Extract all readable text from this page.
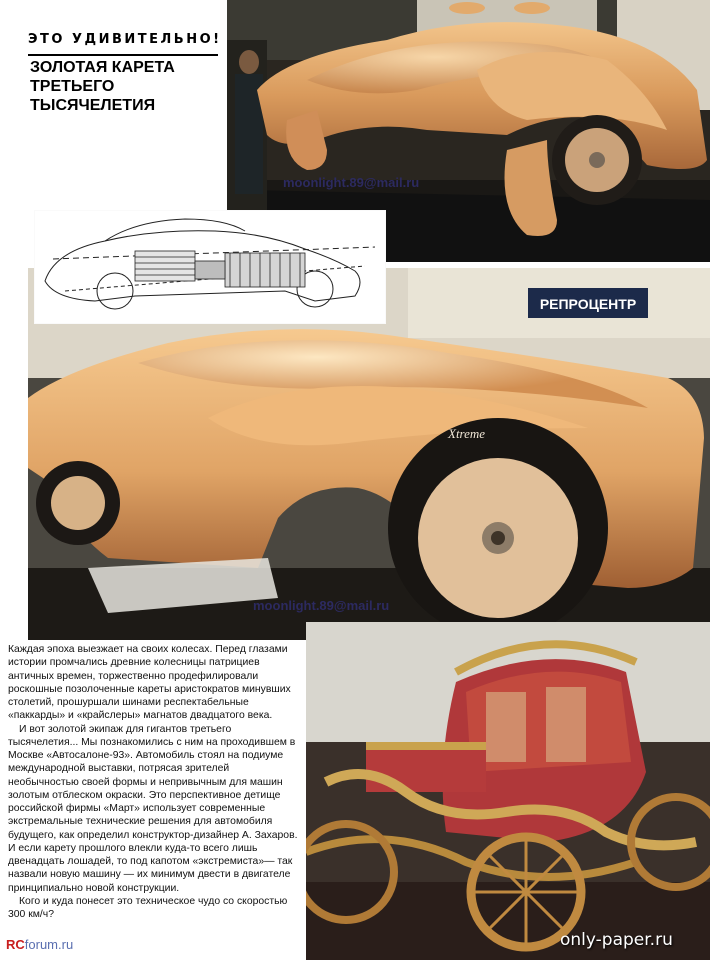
ЭТО УДИВИТЕЛЬНО!
ЗОЛОТАЯ КАРЕТА
ТРЕТЬЕГО
ТЫСЯЧЕЛЕТИЯ
moonlight.89@mail.ru
РЕПРОЦЕНТР
Xtreme
moonlight.89@mail.ru

Каждая эпоха выезжает на своих колесах. Перед глазами истории промчались древние колесницы патрициев античных времен, торжественно продефилировали роскошные позолоченные кареты аристократов минувших столетий, прошуршали шинами респектабельные «паккарды» и «крайслеры» магнатов двадцатого века.

И вот золотой экипаж для гигантов третьего тысячелетия... Мы познакомились с ним на проходившем в Москве «Автосалоне-93». Автомобиль стоял на подиуме международной выставки, потрясая зрителей необычностью своей формы и непривычным для машин золотым отблеском окраски. Это перспективное детище российской фирмы «Март» использует современные экстремальные технические решения для автомобиля будущего, как определил конструктор-дизайнер А. Захаров. И если карету прошлого влекли куда-то всего лишь двенадцать лошадей, то под капотом «экстремиста»— так назвали новую машину — их минимум двести в двигателе принципиально новой конструкции.

Кого и куда понесет это техническое чудо со скоростью 300 км/ч?

RCforum.ru	only-paper.ru
